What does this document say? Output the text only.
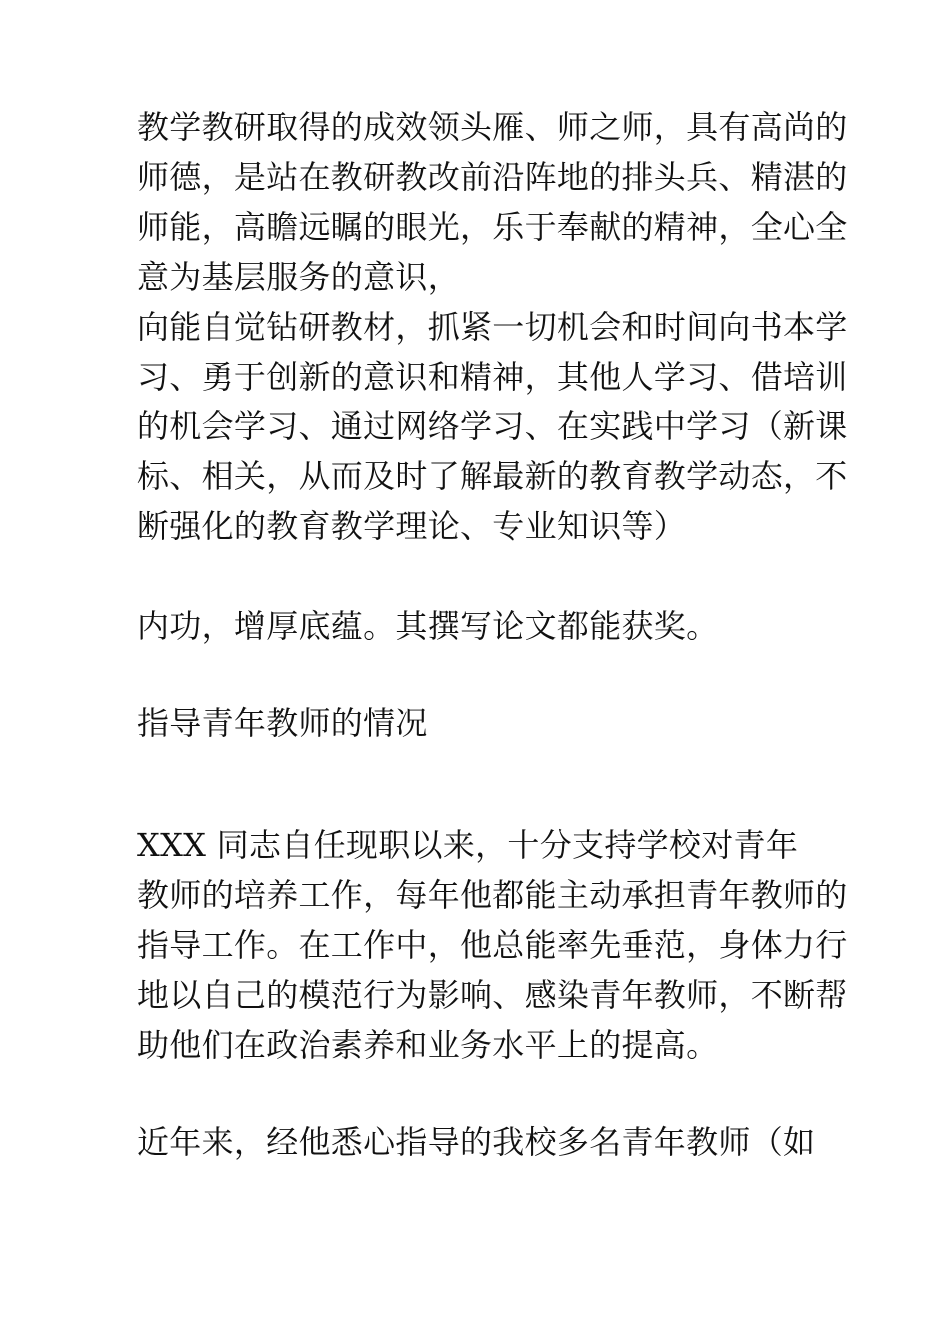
教学教研取得的成效领头雁、师之师，具有高尚的
师德，是站在教研教改前沿阵地的排头兵、精湛的
师能，高瞻远瞩的眼光，乐于奉献的精神，全心全
意为基层服务的意识，
向能自觉钻研教材，抓紧一切机会和时间向书本学
习、勇于创新的意识和精神，其他人学习、借培训
的机会学习、通过网络学习、在实践中学习（新课
标、相关，从而及时了解最新的教育教学动态，不
断强化的教育教学理论、专业知识等）
内功，增厚底蕴。其撰写论文都能获奖。
指导青年教师的情况
XXX 同志自任现职以来，十分支持学校对青年
教师的培养工作，每年他都能主动承担青年教师的
指导工作。在工作中，他总能率先垂范，身体力行
地以自己的模范行为影响、感染青年教师，不断帮
助他们在政治素养和业务水平上的提高。
近年来，经他悉心指导的我校多名青年教师（如
